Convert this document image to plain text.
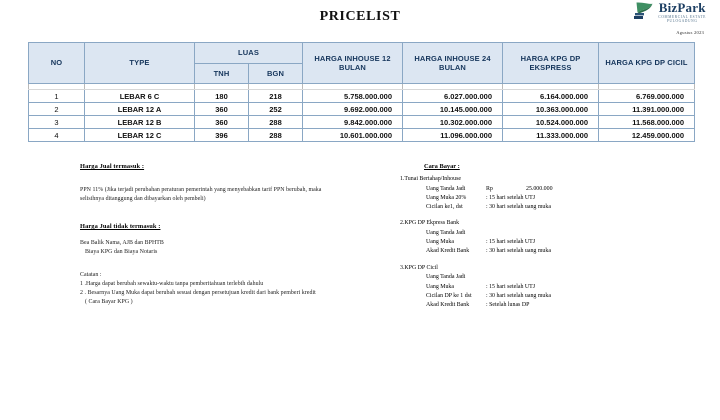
PRICELIST
BizPark
COMMERCIAL ESTATE
PULOGADUNG
Agustus 2023
NO	TYPE	LUAS		HARGA INHOUSE 12 BULAN	HARGA INHOUSE 24 BULAN	HARGA KPG DP EKSPRESS	HARGA KPG DP CICIL
		TNH	BGN				

1	LEBAR 6 C	180	218	5.758.000.000	6.027.000.000	6.164.000.000	6.769.000.000
2	LEBAR 12 A	360	252	9.692.000.000	10.145.000.000	10.363.000.000	11.391.000.000
3	LEBAR 12 B	360	288	9.842.000.000	10.302.000.000	10.524.000.000	11.568.000.000
4	LEBAR 12 C	396	288	10.601.000.000	11.096.000.000	11.333.000.000	12.459.000.000
Harga Jual termasuk :
PPN 11% (Jika terjadi perubahan peraturan pemerintah yang menyebabkan tarif PPN berubah, maka
selisihnya ditanggung dan dibayarkan oleh pembeli)
Harga Jual tidak termasuk :
Bea Balik Nama, AJB dan BPHTB
Biaya KPG dan Biaya Notaris
Catatan :
1 .Harga dapat berubah sewaktu-waktu tanpa pemberitahuan terlebih dahulu
2 . Besarnya Uang Muka dapat berubah sesuai dengan persetujuan kredit dari bank pemberi kredit
( Cara Bayar KPG )
Cara Bayar :
1.Tunai Bertahap/Inhouse
Uang Tanda Jadi	Rp	25.000.000
Uang Muka 20%	: 15 hari setelah UTJ
Cicilan ke1, dst	: 30 hari setelah uang muka
2.KPG DP Ekpress Bank
Uang Tanda Jadi
Uang Muka	: 15 hari setelah UTJ
Akad Kredit Bank	: 30 hari setelah uang muka
3.KPG DP Cicil
Uang Tanda Jadi
Uang Muka	: 15 hari setelah UTJ
Cicilan DP ke 1 dst	: 30 hari setelah uang muka
Akad Kredit Bank	: Setelah lunas DP
